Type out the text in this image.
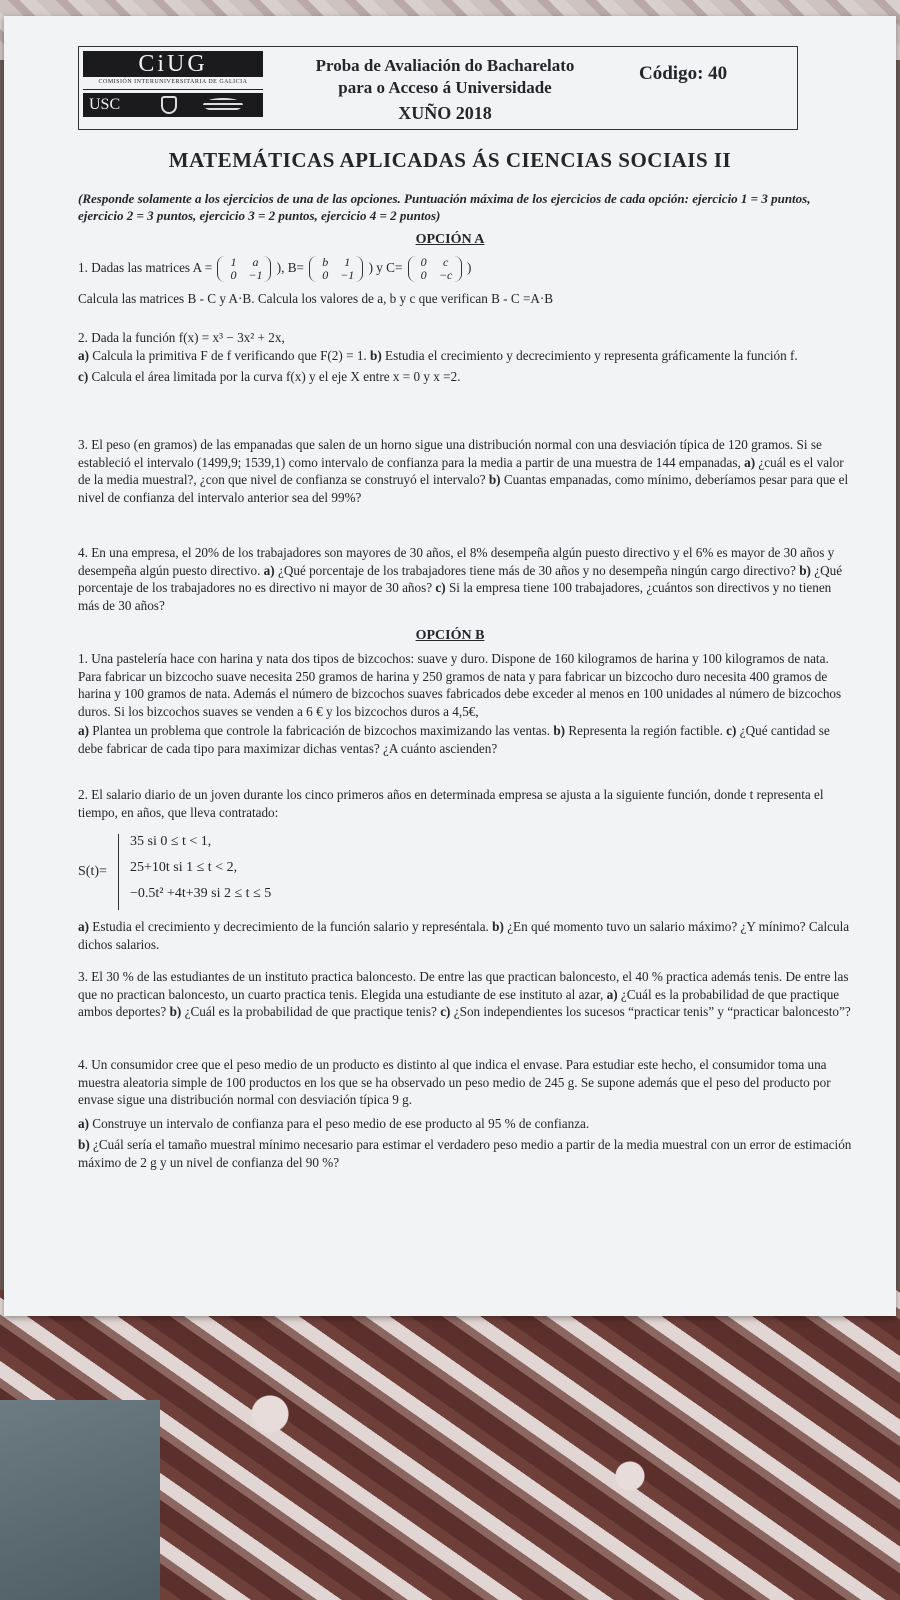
CiUG
COMISIÓN INTERUNIVERSITARIA DE GALICIA
USC
Proba de Avaliación do Bacharelato
para o Acceso á Universidade
Código: 40
XUÑO 2018
MATEMÁTICAS APLICADAS ÁS CIENCIAS SOCIAIS II
(Responde solamente a los ejercicios de una de las opciones. Puntuación máxima de los ejercicios de cada opción: ejercicio 1 = 3 puntos, ejercicio 2 = 3 puntos, ejercicio 3 = 2 puntos, ejercicio 4 = 2 puntos)
OPCIÓN A
1. Dadas las matrices A =	1 a
0 −1 ), B=	b 1
0 −1 ) y C=	0 c
0 −c	)
Calcula las matrices B - C y A·B. Calcula los valores de a, b y c que verifican B - C =A·B
2. Dada la función f(x) = x³ − 3x² + 2x,
a) Calcula la primitiva F de f verificando que F(2) = 1. b) Estudia el crecimiento y decrecimiento y representa gráficamente la función f.
c) Calcula el área limitada por la curva f(x) y el eje X entre x = 0 y x =2.
3. El peso (en gramos) de las empanadas que salen de un horno sigue una distribución normal con una desviación típica de 120 gramos. Si se estableció el intervalo (1499,9; 1539,1) como intervalo de confianza para la media a partir de una muestra de 144 empanadas, a) ¿cuál es el valor de la media muestral?, ¿con que nivel de confianza se construyó el intervalo? b) Cuantas empanadas, como mínimo, deberíamos pesar para que el nivel de confianza del intervalo anterior sea del 99%?
4. En una empresa, el 20% de los trabajadores son mayores de 30 años, el 8% desempeña algún puesto directivo y el 6% es mayor de 30 años y desempeña algún puesto directivo. a) ¿Qué porcentaje de los trabajadores tiene más de 30 años y no desempeña ningún cargo directivo? b) ¿Qué porcentaje de los trabajadores no es directivo ni mayor de 30 años? c) Si la empresa tiene 100 trabajadores, ¿cuántos son directivos y no tienen más de 30 años?
OPCIÓN B
1. Una pastelería hace con harina y nata dos tipos de bizcochos: suave y duro. Dispone de 160 kilogramos de harina y 100 kilogramos de nata. Para fabricar un bizcocho suave necesita 250 gramos de harina y 250 gramos de nata y para fabricar un bizcocho duro necesita 400 gramos de harina y 100 gramos de nata. Además el número de bizcochos suaves fabricados debe exceder al menos en 100 unidades al número de bizcochos duros. Si los bizcochos suaves se venden a 6 € y los bizcochos duros a 4,5€,
a) Plantea un problema que controle la fabricación de bizcochos maximizando las ventas. b) Representa la región factible. c) ¿Qué cantidad se debe fabricar de cada tipo para maximizar dichas ventas? ¿A cuánto ascienden?
2. El salario diario de un joven durante los cinco primeros años en determinada empresa se ajusta a la siguiente función, donde t representa el tiempo, en años, que lleva contratado:
S(t)=
35 si 0 ≤ t < 1,
25+10t si 1 ≤ t < 2,
−0.5t² +4t+39 si 2 ≤ t ≤ 5
a) Estudia el crecimiento y decrecimiento de la función salario y represéntala. b) ¿En qué momento tuvo un salario máximo? ¿Y mínimo? Calcula dichos salarios.
3. El 30 % de las estudiantes de un instituto practica baloncesto. De entre las que practican baloncesto, el 40 % practica además tenis. De entre las que no practican baloncesto, un cuarto practica tenis. Elegida una estudiante de ese instituto al azar, a) ¿Cuál es la probabilidad de que practique ambos deportes? b) ¿Cuál es la probabilidad de que practique tenis? c) ¿Son independientes los sucesos “practicar tenis” y “practicar baloncesto”?
4. Un consumidor cree que el peso medio de un producto es distinto al que indica el envase. Para estudiar este hecho, el consumidor toma una muestra aleatoria simple de 100 productos en los que se ha observado un peso medio de 245 g. Se supone además que el peso del producto por envase sigue una distribución normal con desviación típica 9 g.
a) Construye un intervalo de confianza para el peso medio de ese producto al 95 % de confianza.
b) ¿Cuál sería el tamaño muestral mínimo necesario para estimar el verdadero peso medio a partir de la media muestral con un error de estimación máximo de 2 g y un nivel de confianza del 90 %?
